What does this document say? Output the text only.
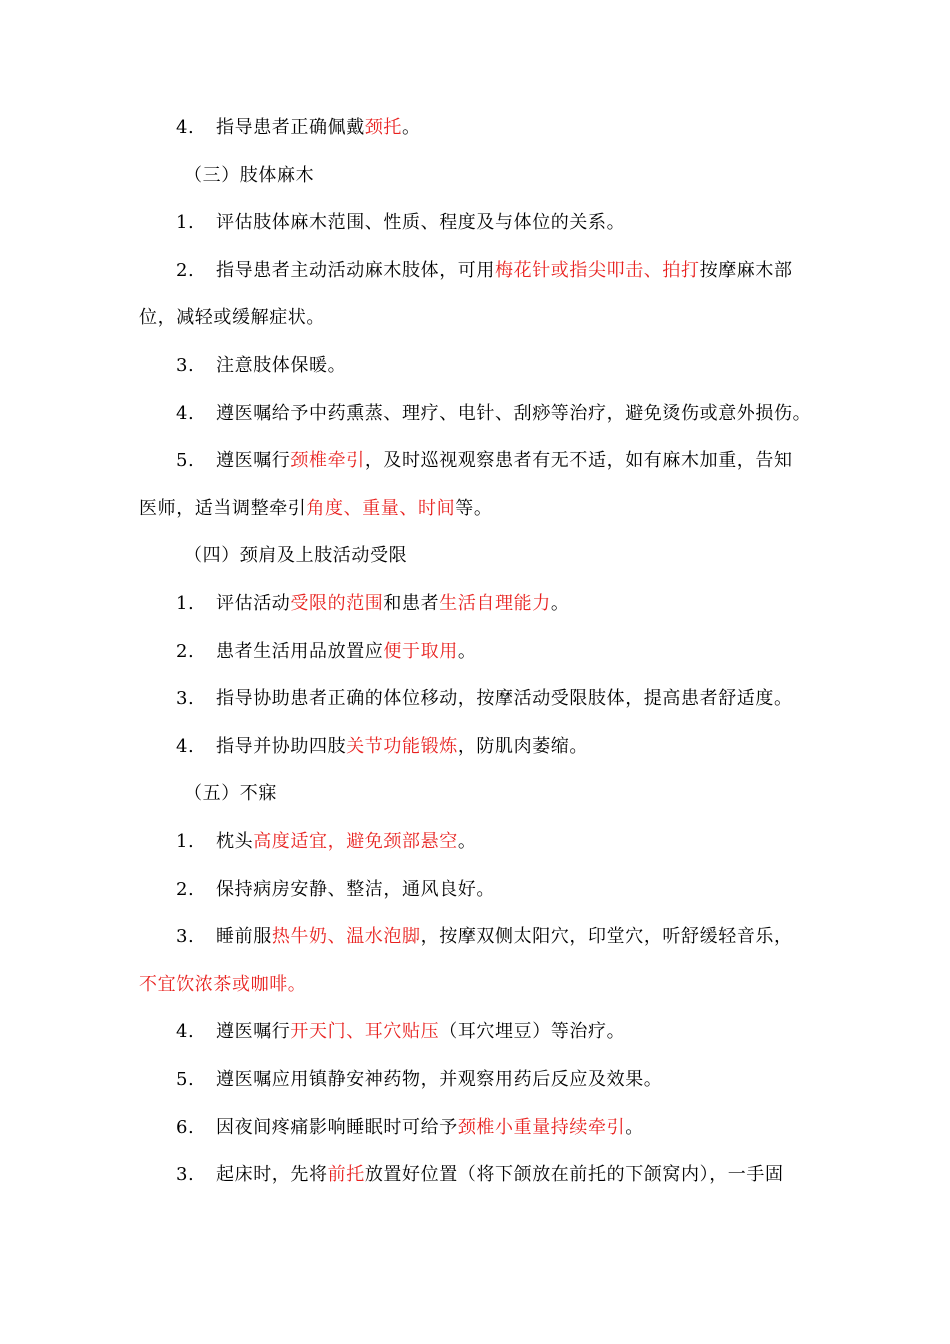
4. 指导患者正确佩戴颈托。
（三）肢体麻木
1. 评估肢体麻木范围、性质、程度及与体位的关系。
2. 指导患者主动活动麻木肢体，可用梅花针或指尖叩击、拍打按摩麻木部
位，减轻或缓解症状。
3. 注意肢体保暖。
4. 遵医嘱给予中药熏蒸、理疗、电针、刮痧等治疗，避免烫伤或意外损伤。
5. 遵医嘱行颈椎牵引，及时巡视观察患者有无不适，如有麻木加重，告知
医师，适当调整牵引角度、重量、时间等。
（四）颈肩及上肢活动受限
1. 评估活动受限的范围和患者生活自理能力。
2. 患者生活用品放置应便于取用。
3. 指导协助患者正确的体位移动，按摩活动受限肢体，提高患者舒适度。
4. 指导并协助四肢关节功能锻炼，防肌肉萎缩。
（五）不寐
1. 枕头高度适宜，避免颈部悬空。
2. 保持病房安静、整洁，通风良好。
3. 睡前服热牛奶、温水泡脚，按摩双侧太阳穴，印堂穴，听舒缓轻音乐，
不宜饮浓茶或咖啡。
4. 遵医嘱行开天门、耳穴贴压（耳穴埋豆）等治疗。
5. 遵医嘱应用镇静安神药物，并观察用药后反应及效果。
6. 因夜间疼痛影响睡眠时可给予颈椎小重量持续牵引。
3. 起床时，先将前托放置好位置（将下颌放在前托的下颌窝内），一手固
